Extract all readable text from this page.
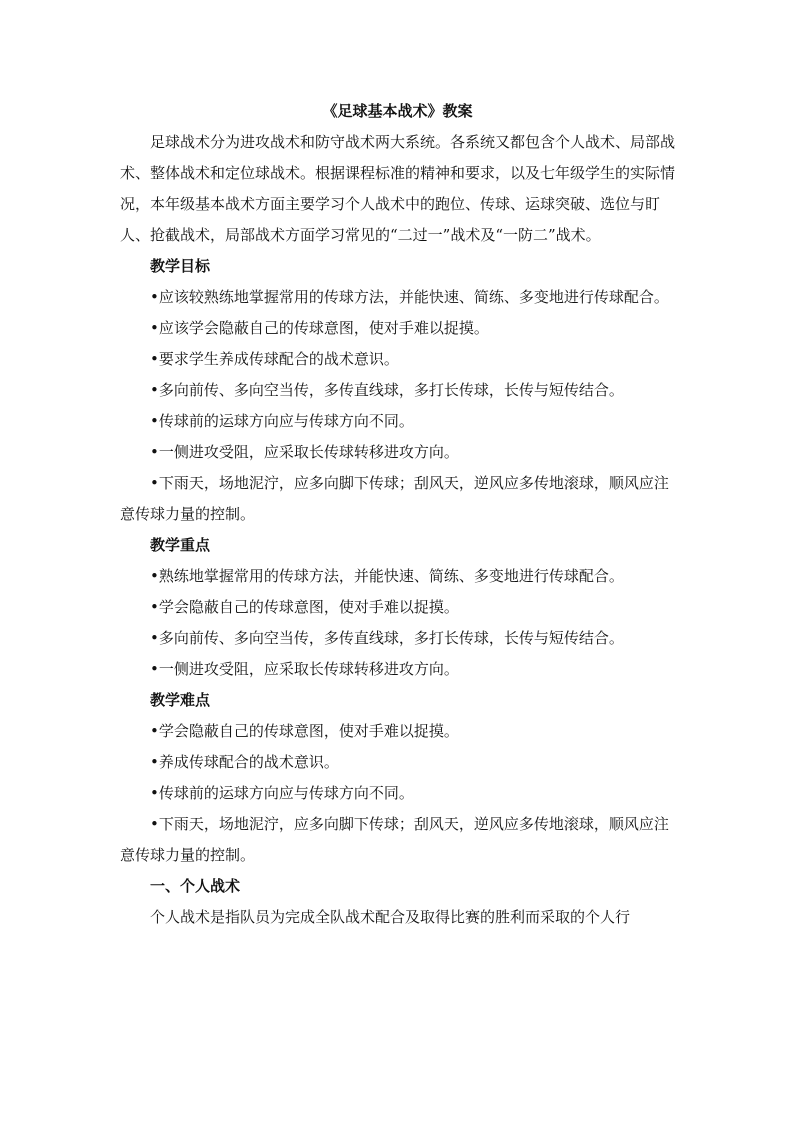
《足球基本战术》教案

足球战术分为进攻战术和防守战术两大系统。各系统又都包含个人战术、局部战术、整体战术和定位球战术。根据课程标准的精神和要求，以及七年级学生的实际情况，本年级基本战术方面主要学习个人战术中的跑位、传球、运球突破、选位与盯人、抢截战术，局部战术方面学习常见的“二过一”战术及“一防二”战术。

教学目标

•应该较熟练地掌握常用的传球方法，并能快速、简练、多变地进行传球配合。

•应该学会隐蔽自己的传球意图，使对手难以捉摸。

•要求学生养成传球配合的战术意识。

•多向前传、多向空当传，多传直线球，多打长传球，长传与短传结合。

•传球前的运球方向应与传球方向不同。

•一侧进攻受阻，应采取长传球转移进攻方向。

•下雨天，场地泥泞，应多向脚下传球；刮风天，逆风应多传地滚球，顺风应注意传球力量的控制。

教学重点

•熟练地掌握常用的传球方法，并能快速、简练、多变地进行传球配合。

•学会隐蔽自己的传球意图，使对手难以捉摸。

•多向前传、多向空当传，多传直线球，多打长传球，长传与短传结合。

•一侧进攻受阻，应采取长传球转移进攻方向。

教学难点

•学会隐蔽自己的传球意图，使对手难以捉摸。

•养成传球配合的战术意识。

•传球前的运球方向应与传球方向不同。

•下雨天，场地泥泞，应多向脚下传球；刮风天，逆风应多传地滚球，顺风应注意传球力量的控制。

一、个人战术

个人战术是指队员为完成全队战术配合及取得比赛的胜利而采取的个人行
